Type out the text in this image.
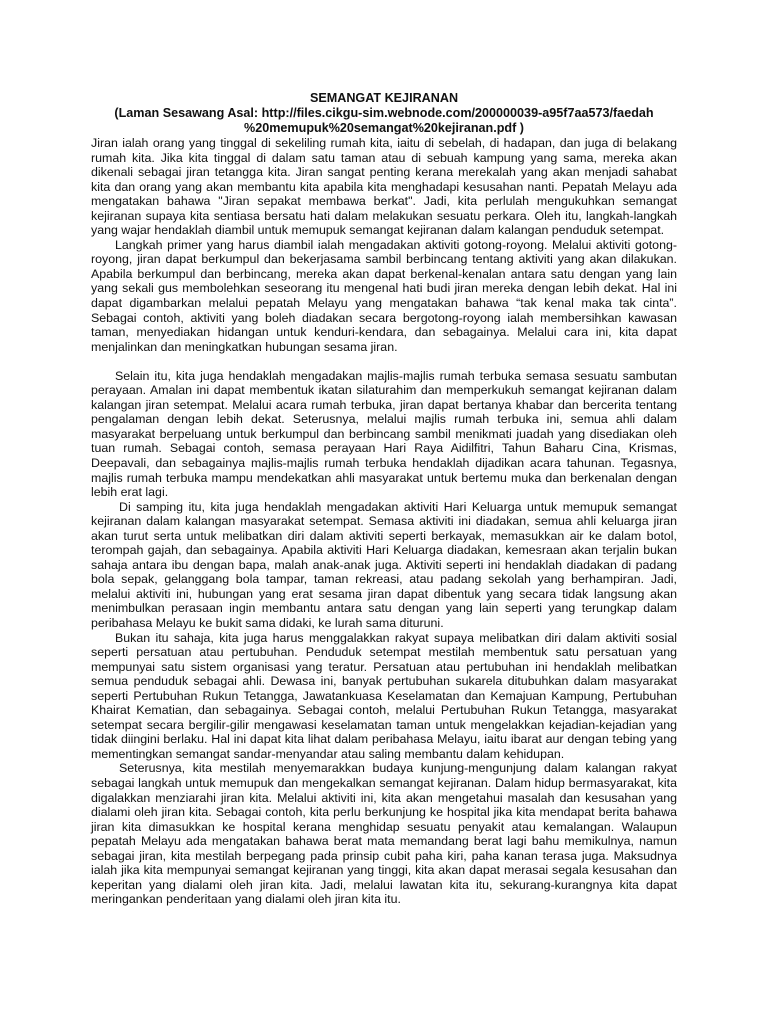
SEMANGAT KEJIRANAN

(Laman Sesawang Asal: http://files.cikgu-sim.webnode.com/200000039-a95f7aa573/faedah

%20memupuk%20semangat%20kejiranan.pdf )

Jiran ialah orang yang tinggal di sekeliling rumah kita, iaitu di sebelah, di hadapan, dan juga di belakang rumah kita. Jika kita tinggal di dalam satu taman atau di sebuah kampung yang sama, mereka akan dikenali sebagai jiran tetangga kita. Jiran sangat penting kerana merekalah yang akan menjadi sahabat kita dan orang yang akan membantu kita apabila kita menghadapi kesusahan nanti. Pepatah Melayu ada mengatakan bahawa "Jiran sepakat membawa berkat". Jadi, kita perlulah mengukuhkan semangat kejiranan supaya kita sentiasa bersatu hati dalam melakukan sesuatu perkara. Oleh itu, langkah-langkah yang wajar hendaklah diambil untuk memupuk semangat kejiranan dalam kalangan penduduk setempat.

Langkah primer yang harus diambil ialah mengadakan aktiviti gotong-royong. Melalui aktiviti gotong-royong, jiran dapat berkumpul dan bekerjasama sambil berbincang tentang aktiviti yang akan dilakukan. Apabila berkumpul dan berbincang, mereka akan dapat berkenal-kenalan antara satu dengan yang lain yang sekali gus membolehkan seseorang itu mengenal hati budi jiran mereka dengan lebih dekat. Hal ini dapat digambarkan melalui pepatah Melayu yang mengatakan bahawa “tak kenal maka tak cinta”. Sebagai contoh, aktiviti yang boleh diadakan secara bergotong-royong ialah membersihkan kawasan taman, menyediakan hidangan untuk kenduri-kendara, dan sebagainya. Melalui cara ini, kita dapat menjalinkan dan meningkatkan hubungan sesama jiran.

Selain itu, kita juga hendaklah mengadakan majlis-majlis rumah terbuka semasa sesuatu sambutan perayaan. Amalan ini dapat membentuk ikatan silaturahim dan memperkukuh semangat kejiranan dalam kalangan jiran setempat. Melalui acara rumah terbuka, jiran dapat bertanya khabar dan bercerita tentang pengalaman dengan lebih dekat. Seterusnya, melalui majlis rumah terbuka ini, semua ahli dalam masyarakat berpeluang untuk berkumpul dan berbincang sambil menikmati juadah yang disediakan oleh tuan rumah. Sebagai contoh, semasa perayaan Hari Raya Aidilfitri, Tahun Baharu Cina, Krismas, Deepavali, dan sebagainya majlis-majlis rumah terbuka hendaklah dijadikan acara tahunan. Tegasnya, majlis rumah terbuka mampu mendekatkan ahli masyarakat untuk bertemu muka dan berkenalan dengan lebih erat lagi.

Di samping itu, kita juga hendaklah mengadakan aktiviti Hari Keluarga untuk memupuk semangat kejiranan dalam kalangan masyarakat setempat. Semasa aktiviti ini diadakan, semua ahli keluarga jiran akan turut serta untuk melibatkan diri dalam aktiviti seperti berkayak, memasukkan air ke dalam botol, terompah gajah, dan sebagainya. Apabila aktiviti Hari Keluarga diadakan, kemesraan akan terjalin bukan sahaja antara ibu dengan bapa, malah anak-anak juga. Aktiviti seperti ini hendaklah diadakan di padang bola sepak, gelanggang bola tampar, taman rekreasi, atau padang sekolah yang berhampiran. Jadi, melalui aktiviti ini, hubungan yang erat sesama jiran dapat dibentuk yang secara tidak langsung akan menimbulkan perasaan ingin membantu antara satu dengan yang lain seperti yang terungkap dalam peribahasa Melayu ke bukit sama didaki, ke lurah sama dituruni.

Bukan itu sahaja, kita juga harus menggalakkan rakyat supaya melibatkan diri dalam aktiviti sosial seperti persatuan atau pertubuhan. Penduduk setempat mestilah membentuk satu persatuan yang mempunyai satu sistem organisasi yang teratur. Persatuan atau pertubuhan ini hendaklah melibatkan semua penduduk sebagai ahli. Dewasa ini, banyak pertubuhan sukarela ditubuhkan dalam masyarakat seperti Pertubuhan Rukun Tetangga, Jawatankuasa Keselamatan dan Kemajuan Kampung, Pertubuhan Khairat Kematian, dan sebagainya. Sebagai contoh, melalui Pertubuhan Rukun Tetangga, masyarakat setempat secara bergilir-gilir mengawasi keselamatan taman untuk mengelakkan kejadian-kejadian yang tidak diingini berlaku. Hal ini dapat kita lihat dalam peribahasa Melayu, iaitu ibarat aur dengan tebing yang mementingkan semangat sandar-menyandar atau saling membantu dalam kehidupan.

Seterusnya, kita mestilah menyemarakkan budaya kunjung-mengunjung dalam kalangan rakyat sebagai langkah untuk memupuk dan mengekalkan semangat kejiranan. Dalam hidup bermasyarakat, kita digalakkan menziarahi jiran kita. Melalui aktiviti ini, kita akan mengetahui masalah dan kesusahan yang dialami oleh jiran kita. Sebagai contoh, kita perlu berkunjung ke hospital jika kita mendapat berita bahawa jiran kita dimasukkan ke hospital kerana menghidap sesuatu penyakit atau kemalangan. Walaupun pepatah Melayu ada mengatakan bahawa berat mata memandang berat lagi bahu memikulnya, namun sebagai jiran, kita mestilah berpegang pada prinsip cubit paha kiri, paha kanan terasa juga. Maksudnya ialah jika kita mempunyai semangat kejiranan yang tinggi, kita akan dapat merasai segala kesusahan dan keperitan yang dialami oleh jiran kita. Jadi, melalui lawatan kita itu, sekurang-kurangnya kita dapat meringankan penderitaan yang dialami oleh jiran kita itu.
